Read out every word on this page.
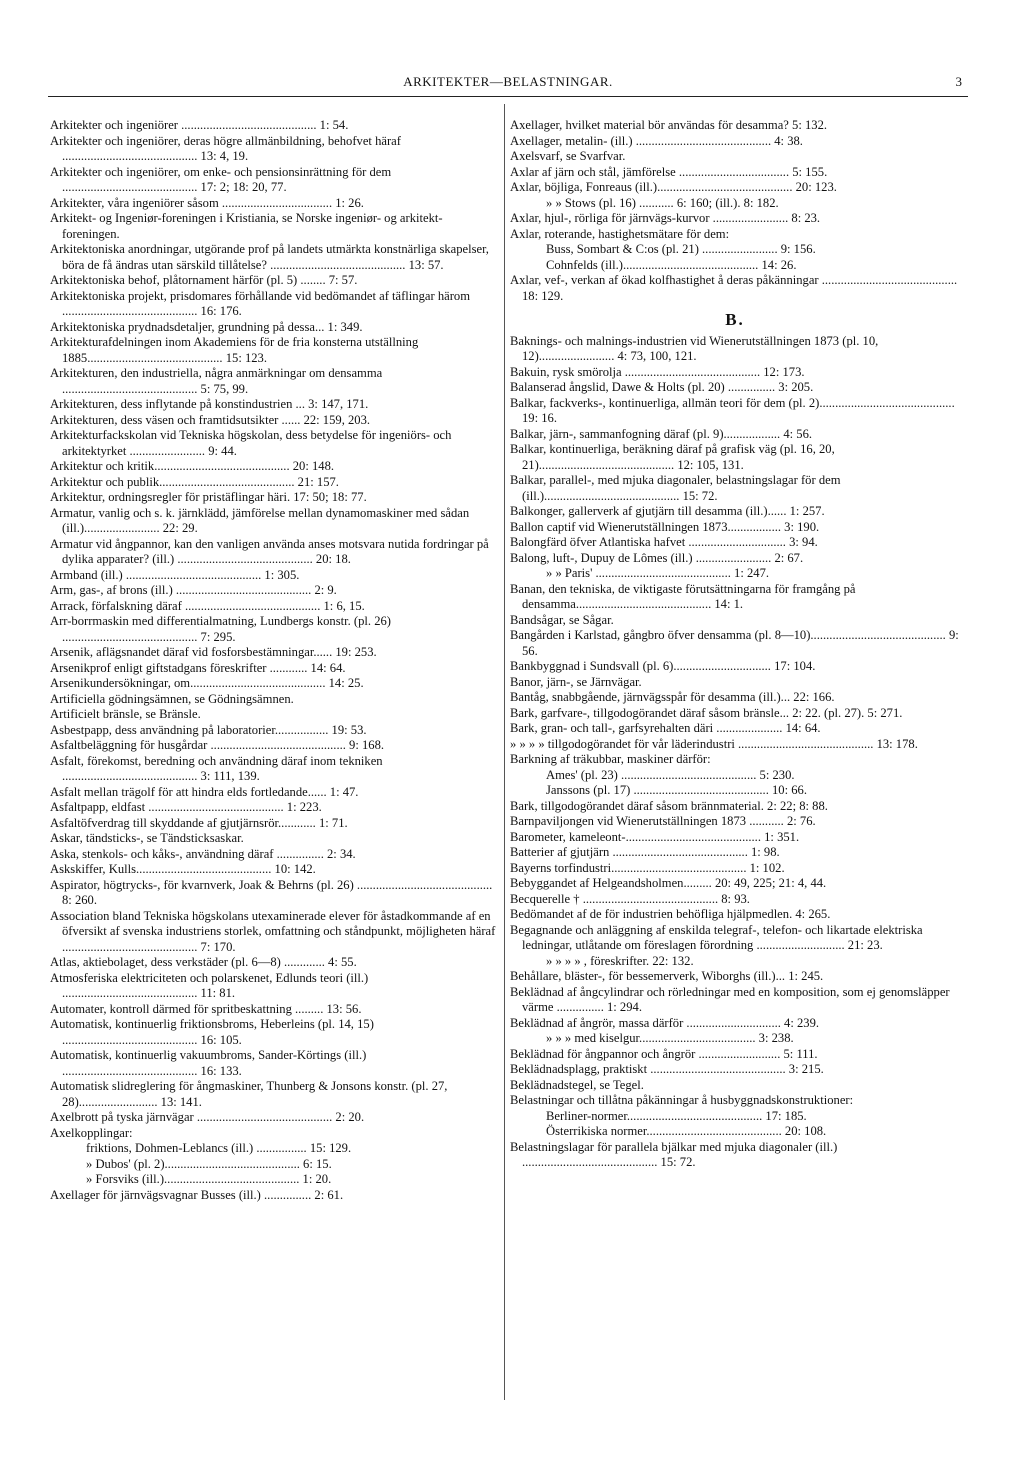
ARKITEKTER—BELASTNINGAR.	3

Arkitekter och ingeniörer ........................................... 1: 54.

Arkitekter och ingeniörer, deras högre allmänbildning, behofvet häraf ........................................... 13: 4, 19.

Arkitekter och ingeniörer, om enke- och pensionsinrättning för dem ........................................... 17: 2; 18: 20, 77.

Arkitekter, våra ingeniörer såsom ................................... 1: 26.

Arkitekt- og Ingeniør-foreningen i Kristiania, se Norske ingeniør- og arkitekt-foreningen.

Arkitektoniska anordningar, utgörande prof på landets utmärkta konstnärliga skapelser, böra de få ändras utan särskild tillåtelse? ........................................... 13: 57.

Arkitektoniska behof, plåtornament härför (pl. 5) ........ 7: 57.

Arkitektoniska projekt, prisdomares förhållande vid bedömandet af täflingar härom ........................................... 16: 176.

Arkitektoniska prydnadsdetaljer, grundning på dessa... 1: 349.

Arkitekturafdelningen inom Akademiens för de fria konsterna utställning 1885........................................... 15: 123.

Arkitekturen, den industriella, några anmärkningar om densamma ........................................... 5: 75, 99.

Arkitekturen, dess inflytande på konstindustrien ... 3: 147, 171.

Arkitekturen, dess väsen och framtidsutsikter ...... 22: 159, 203.

Arkitekturfackskolan vid Tekniska högskolan, dess betydelse för ingeniörs- och arkitektyrket ........................ 9: 44.

Arkitektur och kritik........................................... 20: 148.

Arkitektur och publik........................................... 21: 157.

Arkitektur, ordningsregler för pristäflingar häri. 17: 50; 18: 77.

Armatur, vanlig och s. k. järnklädd, jämförelse mellan dynamomaskiner med sådan (ill.)........................ 22: 29.

Armatur vid ångpannor, kan den vanligen använda anses motsvara nutida fordringar på dylika apparater? (ill.) ........................................... 20: 18.

Armband (ill.) ........................................... 1: 305.

Arm, gas-, af brons (ill.) ........................................... 2: 9.

Arrack, förfalskning däraf ........................................... 1: 6, 15.

Arr-borrmaskin med differentialmatning, Lundbergs konstr. (pl. 26) ........................................... 7: 295.

Arsenik, aflägsnandet däraf vid fosforsbestämningar...... 19: 253.

Arsenikprof enligt giftstadgans föreskrifter ............ 14: 64.

Arsenikundersökningar, om........................................... 14: 25.

Artificiella gödningsämnen, se Gödningsämnen.

Artificielt bränsle, se Bränsle.

Asbestpapp, dess användning på laboratorier................. 19: 53.

Asfaltbeläggning för husgårdar ........................................... 9: 168.

Asfalt, förekomst, beredning och användning däraf inom tekniken ........................................... 3: 111, 139.

Asfalt mellan trägolf för att hindra elds fortledande...... 1: 47.

Asfaltpapp, eldfast ........................................... 1: 223.

Asfaltöfverdrag till skyddande af gjutjärnsrör............ 1: 71.

Askar, tändsticks-, se Tändsticksaskar.

Aska, stenkols- och kåks-, användning däraf ............... 2: 34.

Askskiffer, Kulls........................................... 10: 142.

Aspirator, högtrycks-, för kvarnverk, Joak & Behrns (pl. 26) ........................................... 8: 260.

Association bland Tekniska högskolans utexaminerade elever för åstadkommande af en öfversikt af svenska industriens storlek, omfattning och ståndpunkt, möjligheten häraf ........................................... 7: 170.

Atlas, aktiebolaget, dess verkstäder (pl. 6—8) ............. 4: 55.

Atmosferiska elektriciteten och polarskenet, Edlunds teori (ill.) ........................................... 11: 81.

Automater, kontroll därmed för spritbeskattning ......... 13: 56.

Automatisk, kontinuerlig friktionsbroms, Heberleins (pl. 14, 15) ........................................... 16: 105.

Automatisk, kontinuerlig vakuumbroms, Sander-Körtings (ill.) ........................................... 16: 133.

Automatisk slidreglering för ångmaskiner, Thunberg & Jonsons konstr. (pl. 27, 28)......................... 13: 141.

Axelbrott på tyska järnvägar ........................................... 2: 20.

Axelkopplingar:

friktions, Dohmen-Leblancs (ill.) ................ 15: 129.

» Dubos' (pl. 2)........................................... 6: 15.

» Forsviks (ill.)........................................... 1: 20.

Axellager för järnvägsvagnar Busses (ill.) ............... 2: 61.

Axellager, hvilket material bör användas för desamma? 5: 132.

Axellager, metalin- (ill.) ........................................... 4: 38.

Axelsvarf, se Svarfvar.

Axlar af järn och stål, jämförelse ................................... 5: 155.

Axlar, böjliga, Fonreaus (ill.)........................................... 20: 123.

» » Stows (pl. 16) ........... 6: 160; (ill.). 8: 182.

Axlar, hjul-, rörliga för järnvägs-kurvor ........................ 8: 23.

Axlar, roterande, hastighetsmätare för dem:

Buss, Sombart & C:os (pl. 21) ........................ 9: 156.

Cohnfelds (ill.)........................................... 14: 26.

Axlar, vef-, verkan af ökad kolfhastighet å deras påkänningar ........................................... 18: 129.

B.

Baknings- och malnings-industrien vid Wienerutställningen 1873 (pl. 10, 12)........................ 4: 73, 100, 121.

Bakuin, rysk smörolja ........................................... 12: 173.

Balanserad ångslid, Dawe & Holts (pl. 20) ............... 3: 205.

Balkar, fackverks-, kontinuerliga, allmän teori för dem (pl. 2)........................................... 19: 16.

Balkar, järn-, sammanfogning däraf (pl. 9).................. 4: 56.

Balkar, kontinuerliga, beräkning däraf på grafisk väg (pl. 16, 20, 21)........................................... 12: 105, 131.

Balkar, parallel-, med mjuka diagonaler, belastningslagar för dem (ill.)........................................... 15: 72.

Balkonger, gallerverk af gjutjärn till desamma (ill.)...... 1: 257.

Ballon captif vid Wienerutställningen 1873................. 3: 190.

Balongfärd öfver Atlantiska hafvet ............................... 3: 94.

Balong, luft-, Dupuy de Lômes (ill.) ........................ 2: 67.

» » Paris' ........................................... 1: 247.

Banan, den tekniska, de viktigaste förutsättningarna för framgång på densamma........................................... 14: 1.

Bandsågar, se Sågar.

Bangården i Karlstad, gångbro öfver densamma (pl. 8—10)........................................... 9: 56.

Bankbyggnad i Sundsvall (pl. 6)............................... 17: 104.

Banor, järn-, se Järnvägar.

Bantåg, snabbgående, järnvägsspår för desamma (ill.)... 22: 166.

Bark, garfvare-, tillgodogörandet däraf såsom bränsle... 2: 22. (pl. 27). 5: 271.

Bark, gran- och tall-, garfsyrehalten däri ..................... 14: 64.

» » » » tillgodogörandet för vår läderindustri ........................................... 13: 178.

Barkning af träkubbar, maskiner därför:

Ames' (pl. 23) ........................................... 5: 230.

Janssons (pl. 17) ........................................... 10: 66.

Bark, tillgodogörandet däraf såsom brännmaterial. 2: 22; 8: 88.

Barnpaviljongen vid Wienerutställningen 1873 ........... 2: 76.

Barometer, kameleont-........................................... 1: 351.

Batterier af gjutjärn ........................................... 1: 98.

Bayerns torfindustri........................................... 1: 102.

Bebyggandet af Helgeandsholmen......... 20: 49, 225; 21: 4, 44.

Becquerelle † ........................................... 8: 93.

Bedömandet af de för industrien behöfliga hjälpmedlen. 4: 265.

Begagnande och anläggning af enskilda telegraf-, telefon- och likartade elektriska ledningar, utlåtande om föreslagen förordning ............................ 21: 23.

» » » » , föreskrifter. 22: 132.

Behållare, bläster-, för bessemerverk, Wiborghs (ill.)... 1: 245.

Beklädnad af ångcylindrar och rörledningar med en komposition, som ej genomsläpper värme ............... 1: 294.

Beklädnad af ångrör, massa därför .............................. 4: 239.

» » » med kiselgur..................................... 3: 238.

Beklädnad för ångpannor och ångrör .......................... 5: 111.

Beklädnadsplagg, praktiskt ........................................... 3: 215.

Beklädnadstegel, se Tegel.

Belastningar och tillåtna påkänningar å husbyggnadskonstruktioner:

Berliner-normer........................................... 17: 185.

Österrikiska normer........................................... 20: 108.

Belastningslagar för parallela bjälkar med mjuka diagonaler (ill.) ........................................... 15: 72.
